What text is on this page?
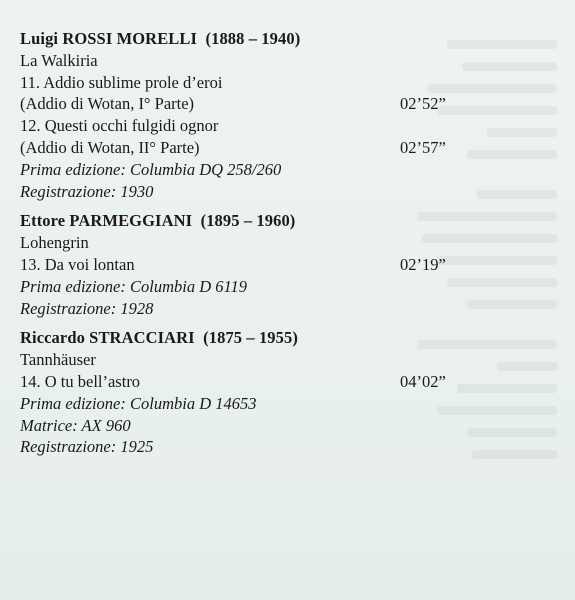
Luigi ROSSI MORELLI (1888 – 1940)
La Walkiria
11. Addio sublime prole d’eroi
(Addio di Wotan, I° Parte)	02’52”
12. Questi occhi fulgidi ognor
(Addio di Wotan, II° Parte)	02’57”
Prima edizione: Columbia DQ 258/260
Registrazione: 1930
Ettore PARMEGGIANI (1895 – 1960)
Lohengrin
13. Da voi lontan	02’19”
Prima edizione: Columbia D 6119
Registrazione: 1928
Riccardo STRACCIARI (1875 – 1955)
Tannhäuser
14. O tu bell’astro	04’02”
Prima edizione: Columbia D 14653
Matrice: AX 960
Registrazione: 1925
